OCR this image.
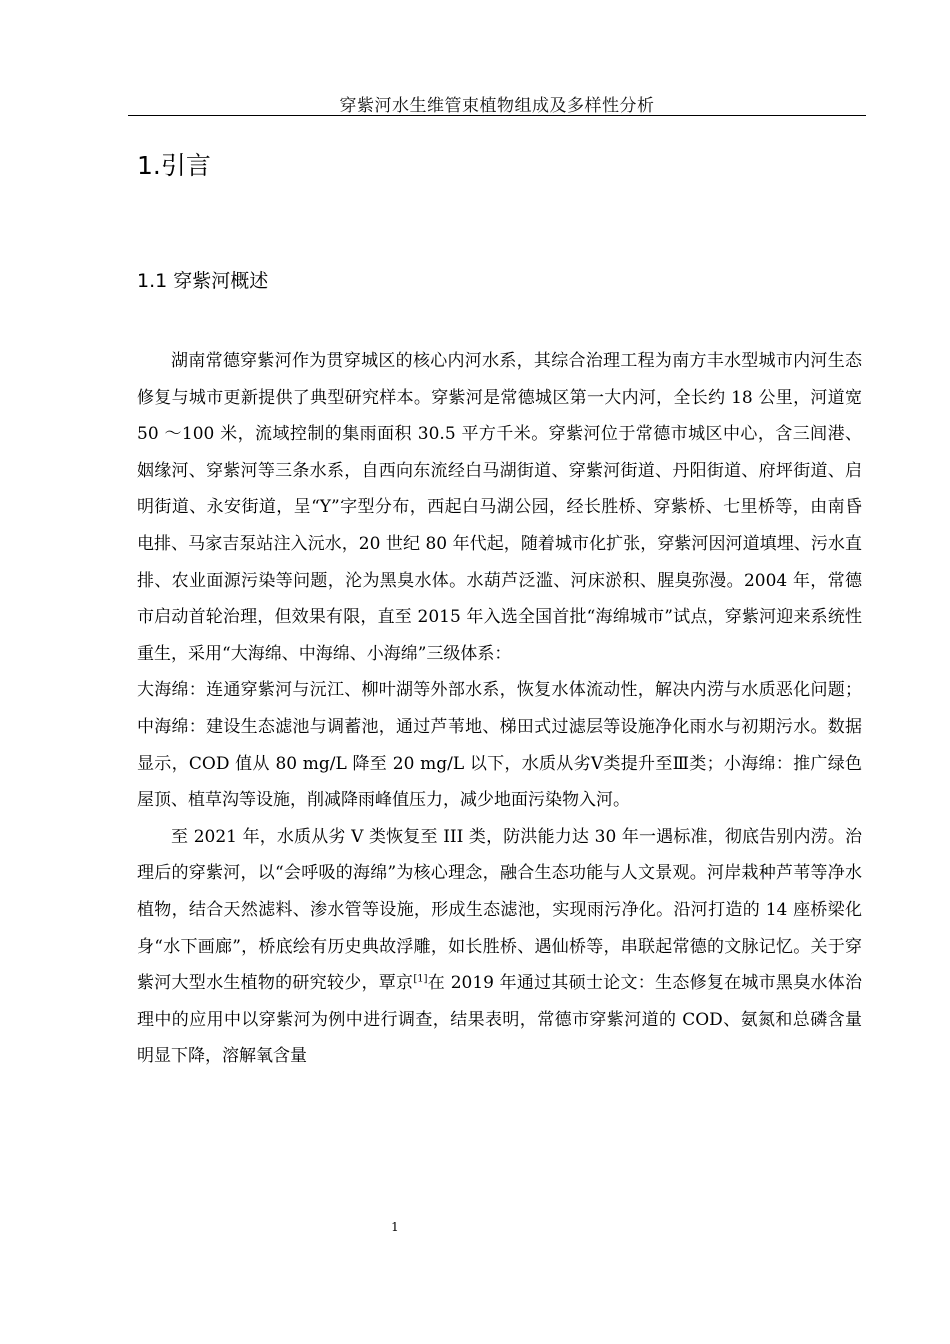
穿紫河水生维管束植物组成及多样性分析
1.引言
1.1 穿紫河概述

湖南常德穿紫河作为贯穿城区的核心内河水系，其综合治理工程为南方丰水型城市内河生态修复与城市更新提供了典型研究样本。穿紫河是常德城区第一大内河，全长约 18 公里，河道宽 50 ～100 米，流域控制的集雨面积 30.5 平方千米。穿紫河位于常德市城区中心，含三闾港、姻缘河、穿紫河等三条水系，自西向东流经白马湖街道、穿紫河街道、丹阳街道、府坪街道、启明街道、永安街道，呈“Y”字型分布，西起白马湖公园，经长胜桥、穿紫桥、七里桥等，由南昏电排、马家吉泵站注入沅水，20 世纪 80 年代起，随着城市化扩张，穿紫河因河道填埋、污水直排、农业面源污染等问题，沦为黑臭水体。水葫芦泛滥、河床淤积、腥臭弥漫。2004 年，常德市启动首轮治理，但效果有限，直至 2015 年入选全国首批“海绵城市”试点，穿紫河迎来系统性重生，采用“大海绵、中海绵、小海绵”三级体系：

大海绵：连通穿紫河与沅江、柳叶湖等外部水系，恢复水体流动性，解决内涝与水质恶化问题；中海绵：建设生态滤池与调蓄池，通过芦苇地、梯田式过滤层等设施净化雨水与初期污水。数据显示，COD 值从 80 mg/L 降至 20 mg/L 以下，水质从劣Ⅴ类提升至Ⅲ类；小海绵：推广绿色屋顶、植草沟等设施，削减降雨峰值压力，减少地面污染物入河。

至 2021 年，水质从劣 V 类恢复至 III 类，防洪能力达 30 年一遇标准，彻底告别内涝。治理后的穿紫河，以“会呼吸的海绵”为核心理念，融合生态功能与人文景观。河岸栽种芦苇等净水植物，结合天然滤料、渗水管等设施，形成生态滤池，实现雨污净化。沿河打造的 14 座桥梁化身“水下画廊”，桥底绘有历史典故浮雕，如长胜桥、遇仙桥等，串联起常德的文脉记忆。关于穿紫河大型水生植物的研究较少，覃京[1]在 2019 年通过其硕士论文：生态修复在城市黑臭水体治理中的应用中以穿紫河为例中进行调查，结果表明，常德市穿紫河道的 COD、氨氮和总磷含量明显下降，溶解氧含量

1
